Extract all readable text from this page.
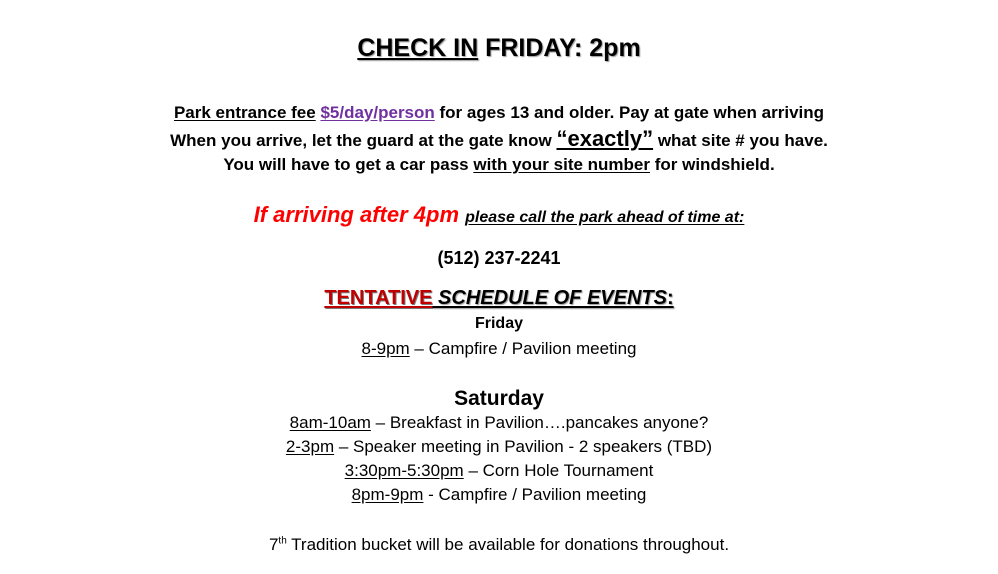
CHECK IN FRIDAY: 2pm
Park entrance fee $5/day/person for ages 13 and older. Pay at gate when arriving
When you arrive, let the guard at the gate know “exactly” what site # you have.
You will have to get a car pass with your site number for windshield.
If arriving after 4pm please call the park ahead of time at:
(512) 237-2241
TENTATIVE SCHEDULE OF EVENTS:
Friday
8-9pm – Campfire / Pavilion meeting
Saturday
8am-10am – Breakfast in Pavilion….pancakes anyone?
2-3pm – Speaker meeting in Pavilion - 2 speakers (TBD)
3:30pm-5:30pm – Corn Hole Tournament
8pm-9pm - Campfire / Pavilion meeting
7th Tradition bucket will be available for donations throughout.
